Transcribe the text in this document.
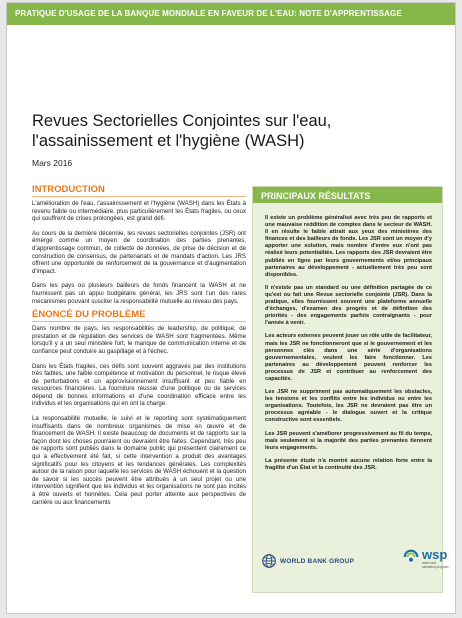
PRATIQUE D'USAGE DE LA BANQUE MONDIALE EN FAVEUR DE L'EAU: NOTE D'APPRENTISSAGE
Revues Sectorielles Conjointes sur l'eau,
l'assainissement et l'hygiène (WASH)
Mars 2016
INTRODUCTION

L'amélioration de l'eau, l'assainissement et l'hygiène (WASH) dans les États à revenu faible ou intermédiaire, plus particulièrement les États fragiles, ou ceux qui souffrent de crises prolongées, est grand défi.

Au cours de la dernière décennie, les revues sectorielles conjointes (JSR) ont émergé comme un moyen de coordination des parties prenantes, d'apprentissage commun, de collecte de données, de prise de décision et de construction de consensus, de partenariats et de mandats d'action. Les JRS offrent une opportunité de renforcement de la gouvernance et d'augmentation d'impact.

Dans les pays où plusieurs bailleurs de fonds financent la WASH et ne fournissent pas un appui budgétaire général, les JRS sont l'un des rares mécanismes pouvant susciter la responsabilité mutuelle au niveau des pays.

ÉNONCÉ DU PROBLÈME

Dans nombre de pays, les responsabilités de leadership, de politique, de prestation et de régulation des services de WASH sont fragmentées. Même lorsqu'il y a un seul ministère fort, le manque de communication interne et de confiance peut conduire au gaspillage et à l'échec.

Dans les États fragiles, ces défis sont souvent aggravés par des institutions très faibles, une faible compétence et motivation du personnel, le risque élevé de perturbations et un approvisionnement insuffisant et peu fiable en ressources financières. La fourniture réussie d'une politique ou de services dépend de bonnes informations et d'une coordination efficace entre les individus et les organisations qui en ont la charge.

La responsabilité mutuelle, le suivi et le reporting sont systématiquement insuffisants dans de nombreux organismes de mise en œuvre et de financement de WASH. Il existe beaucoup de documents et de rapports sur la façon dont les choses pourraient ou devraient être faites. Cependant, très peu de rapports sont publiés dans le domaine public qui présentent clairement ce qui a effectivement été fait, si cette intervention a produit des avantages significatifs pour les citoyens et les tendances générales. Les complexités autour de la raison pour laquelle les services de WASH échouent et la question de savoir si les succès peuvent être attribués à un seul projet ou une intervention signifient que les individus et les organisations ne sont pas incités à être ouverts et honnêtes. Cela peut porter atteinte aux perspectives de carrière ou aux financements

PRINCIPAUX RÉSULTATS

Il existe un problème généralisé avec très peu de rapports et une mauvaise reddition de comptes dans le secteur de WASH. Il en résulte le faible attrait aux yeux des ministères des finances et des bailleurs de fonds. Les JSR sont un moyen d'y apporter une solution, mais nombre d'entre eux n'ont pas réalisé leurs potentialités. Les rapports des JSR devraient être publiés en ligne par leurs gouvernements et/ou principaux partenaires au développement - actuellement très peu sont disponibles.

Il n'existe pas un standard ou une définition partagée de ce qu'est ou fait une Revue sectorielle conjointe (JSR). Dans la pratique, elles fournissent souvent une plateforme annuelle d'échanges, d'examen des progrès et de définition des priorités - des engagements parfois contraignants - pour l'année à venir.

Les acteurs externes peuvent jouer un rôle utile de facilitateur, mais les JSR ne fonctionneront que si le gouvernement et les personnes clés dans une série d'organisations gouvernementales, veulent les faire fonctionner. Les partenaires au développement peuvent renforcer les processus de JSR et contribuer au renforcement des capacités.

Les JSR ne suppriment pas automatiquement les obstacles, les tensions et les conflits entre les individus ou entre les organisations. Toutefois, les JSR ne devraient pas être un processus agréable - le dialogue ouvert et la critique constructive sont essentiels.

Les JSR peuvent s'améliorer progressivement au fil du temps, mais seulement si la majorité des parties prenantes tiennent leurs engagements.

La présente étude n'a montré aucune relation forte entre la fragilité d'un État et la continuité des JSR.

WORLD BANK GROUP	wsp
water and
sanitation program
